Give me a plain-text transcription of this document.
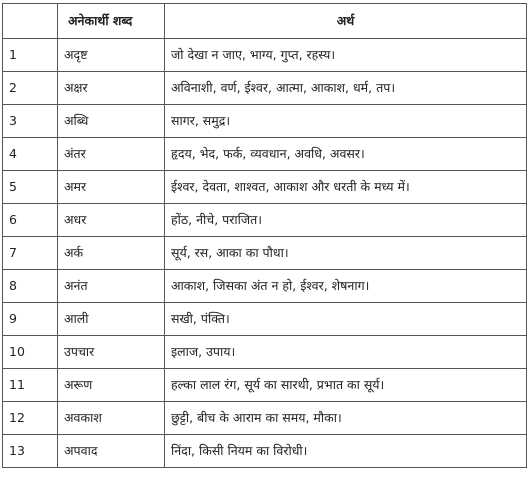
	अनेकार्थी शब्द	अर्थ
1	अदृष्ट	जो देखा न जाए, भाग्य, गुप्त, रहस्य।
2	अक्षर	अविनाशी, वर्ण, ईश्वर, आत्मा, आकाश, धर्म, तप।
3	अब्धि	सागर, समुद्र।
4	अंतर	हृदय, भेद, फर्क, व्यवधान, अवधि, अवसर।
5	अमर	ईश्वर, देवता, शाश्वत, आकाश और धरती के मध्य में।
6	अधर	होंठ, नीचे, पराजित।
7	अर्क	सूर्य, रस, आका का पौधा।
8	अनंत	आकाश, जिसका अंत न हो, ईश्वर, शेषनाग।
9	आली	सखी, पंक्ति।
10	उपचार	इलाज, उपाय।
11	अरूण	हल्का लाल रंग, सूर्य का सारथी, प्रभात का सूर्य।
12	अवकाश	छुट्टी, बीच के आराम का समय, मौका।
13	अपवाद	निंदा, किसी नियम का विरोधी।
